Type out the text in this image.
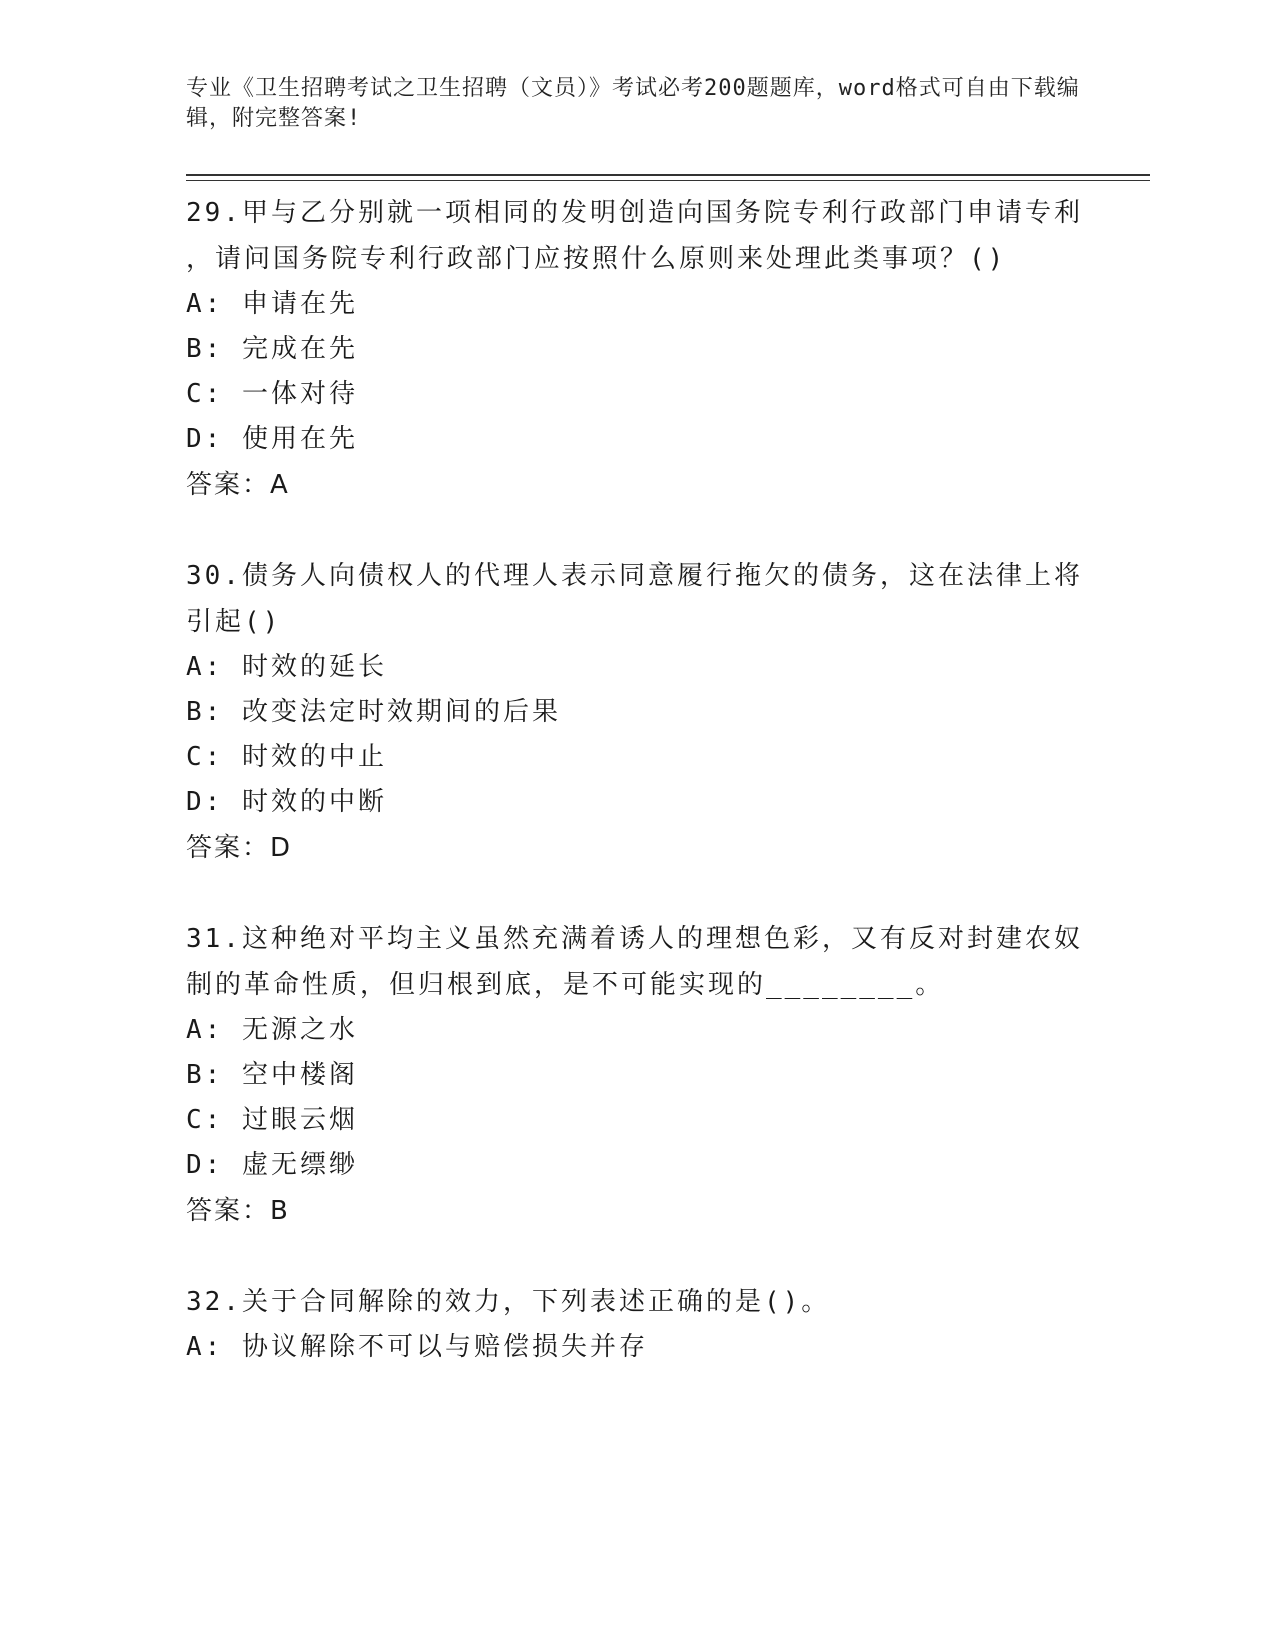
专业《卫生招聘考试之卫生招聘（文员）》考试必考200题题库，word格式可自由下载编辑，附完整答案!

29.甲与乙分别就一项相同的发明创造向国务院专利行政部门申请专利

，请问国务院专利行政部门应按照什么原则来处理此类事项？()

A: 申请在先

B: 完成在先

C: 一体对待

D: 使用在先

答案：A

30.债务人向债权人的代理人表示同意履行拖欠的债务，这在法律上将

引起()

A: 时效的延长

B: 改变法定时效期间的后果

C: 时效的中止

D: 时效的中断

答案：D

31.这种绝对平均主义虽然充满着诱人的理想色彩，又有反对封建农奴

制的革命性质，但归根到底，是不可能实现的________。

A: 无源之水

B: 空中楼阁

C: 过眼云烟

D: 虚无缥缈

答案：B

32.关于合同解除的效力，下列表述正确的是()。

A: 协议解除不可以与赔偿损失并存
